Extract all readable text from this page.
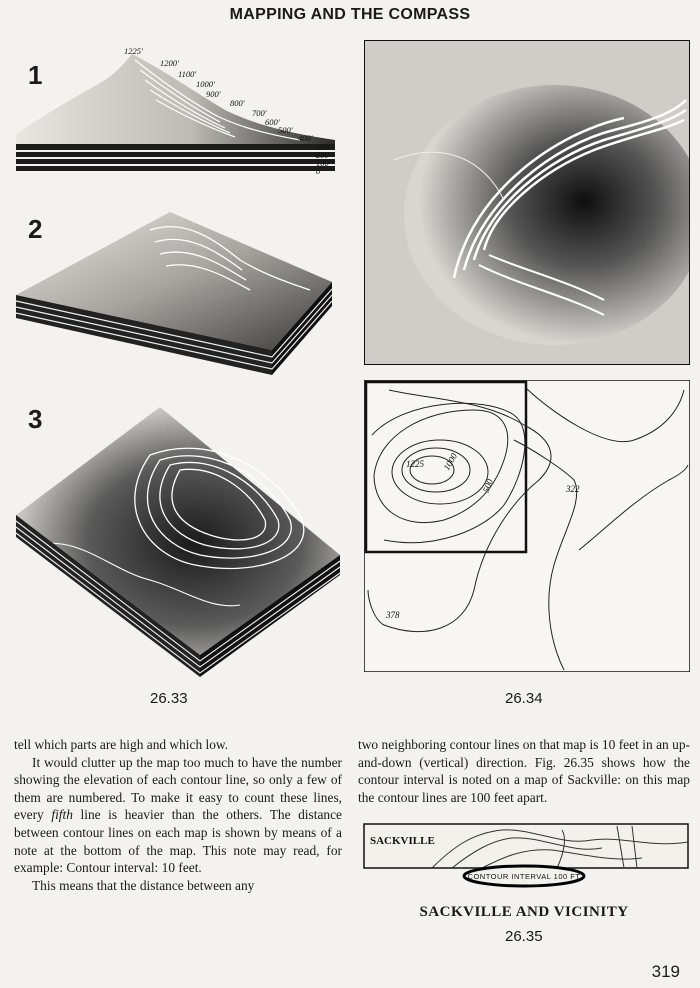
MAPPING AND THE COMPASS
1
2
3
1225'
1200'
1100'
1000'
900'
800'
700'
600'
500'
400'
300'
200'
100'
0
26.33
1225 1000
500	322
378
26.34

tell which parts are high and which low.

It would clutter up the map too much to have the number showing the elevation of each contour line, so only a few of them are numbered. To make it easy to count these lines, every fifth line is heavier than the others. The distance between contour lines on each map is shown by means of a note at the bottom of the map. This note may read, for example: Contour interval: 10 feet.

This means that the distance between any

two neighboring contour lines on that map is 10 feet in an up-and-down (vertical) direction. Fig. 26.35 shows how the contour interval is noted on a map of Sackville: on this map the contour lines are 100 feet apart.

SACKVILLE
CONTOUR INTERVAL 100 FT
SACKVILLE AND VICINITY
26.35
319
